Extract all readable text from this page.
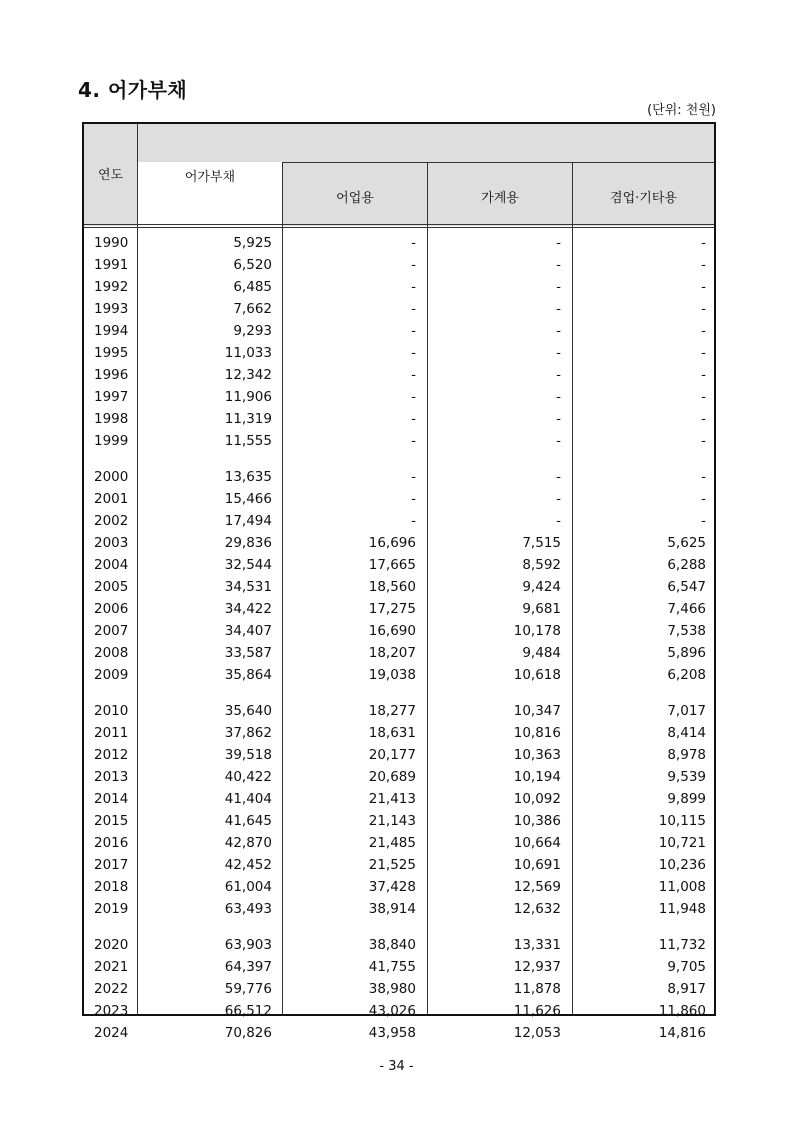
4. 어가부채
(단위: 천원)
연도	어가부채
어업용	가계용	겸업·기타용
1990	5,925	-	-	-
1991	6,520	-	-	-
1992	6,485	-	-	-
1993	7,662	-	-	-
1994	9,293	-	-	-
1995	11,033	-	-	-
1996	12,342	-	-	-
1997	11,906	-	-	-
1998	11,319	-	-	-
1999	11,555	-	-	-
2000	13,635	-	-	-
2001	15,466	-	-	-
2002	17,494	-	-	-
2003	29,836	16,696	7,515	5,625
2004	32,544	17,665	8,592	6,288
2005	34,531	18,560	9,424	6,547
2006	34,422	17,275	9,681	7,466
2007	34,407	16,690	10,178	7,538
2008	33,587	18,207	9,484	5,896
2009	35,864	19,038	10,618	6,208
2010	35,640	18,277	10,347	7,017
2011	37,862	18,631	10,816	8,414
2012	39,518	20,177	10,363	8,978
2013	40,422	20,689	10,194	9,539
2014	41,404	21,413	10,092	9,899
2015	41,645	21,143	10,386	10,115
2016	42,870	21,485	10,664	10,721
2017	42,452	21,525	10,691	10,236
2018	61,004	37,428	12,569	11,008
2019	63,493	38,914	12,632	11,948
2020	63,903	38,840	13,331	11,732
2021	64,397	41,755	12,937	9,705
2022	59,776	38,980	11,878	8,917
2023	66,512	43,026	11,626	11,860
2024	70,826	43,958	12,053	14,816
- 34 -
